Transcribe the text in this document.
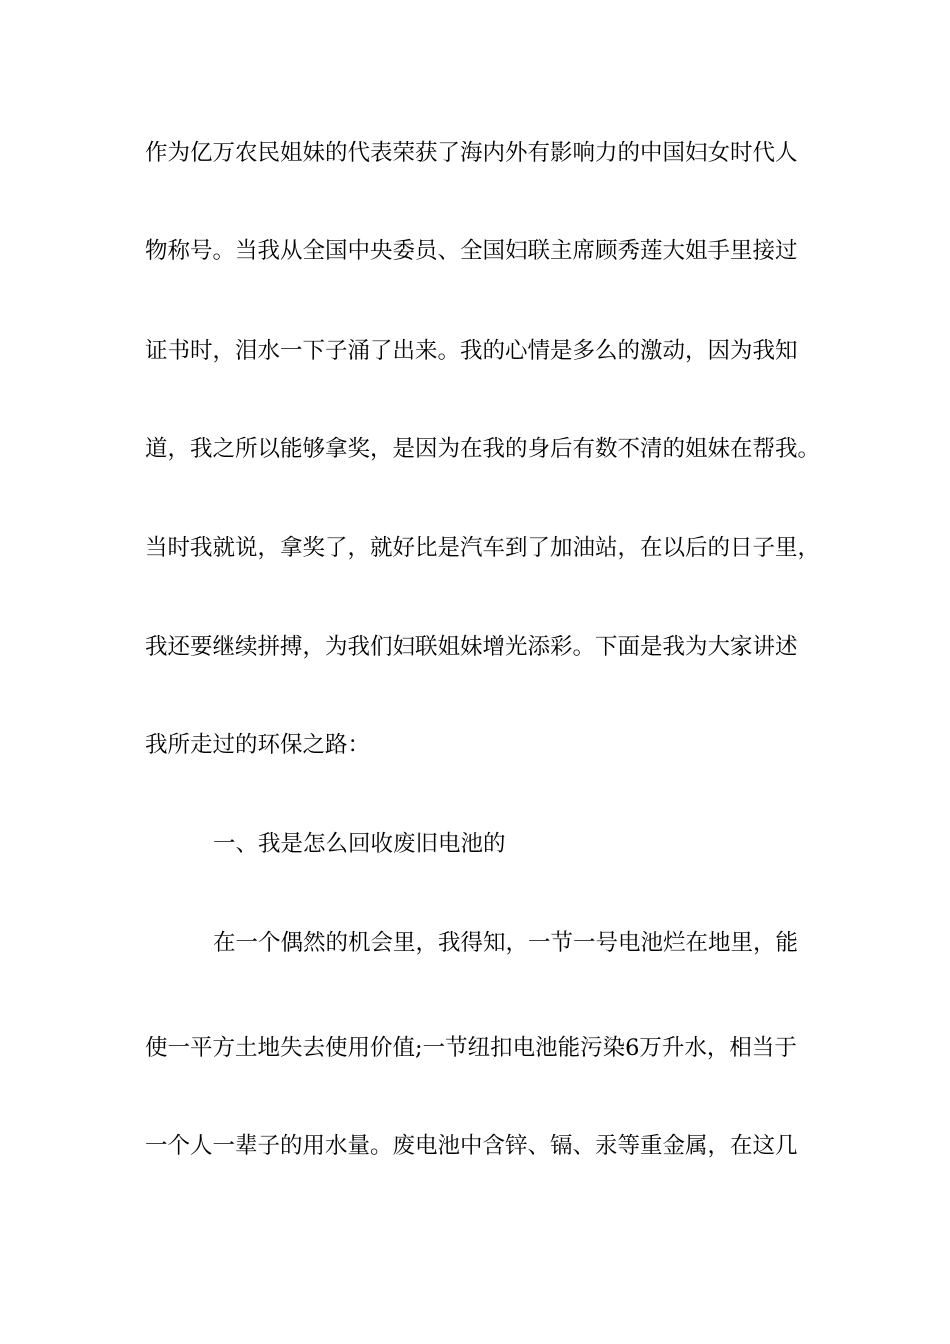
作为亿万农民姐妹的代表荣获了海内外有影响力的中国妇女时代人
物称号。当我从全国中央委员、全国妇联主席顾秀莲大姐手里接过
证书时，泪水一下子涌了出来。我的心情是多么的激动，因为我知
道，我之所以能够拿奖，是因为在我的身后有数不清的姐妹在帮我。
当时我就说，拿奖了，就好比是汽车到了加油站，在以后的日子里，
我还要继续拼搏，为我们妇联姐妹增光添彩。下面是我为大家讲述
我所走过的环保之路：
一、我是怎么回收废旧电池的
在一个偶然的机会里，我得知，一节一号电池烂在地里，能
使一平方土地失去使用价值;一节纽扣电池能污染6万升水，相当于
一个人一辈子的用水量。废电池中含锌、镉、汞等重金属，在这几
